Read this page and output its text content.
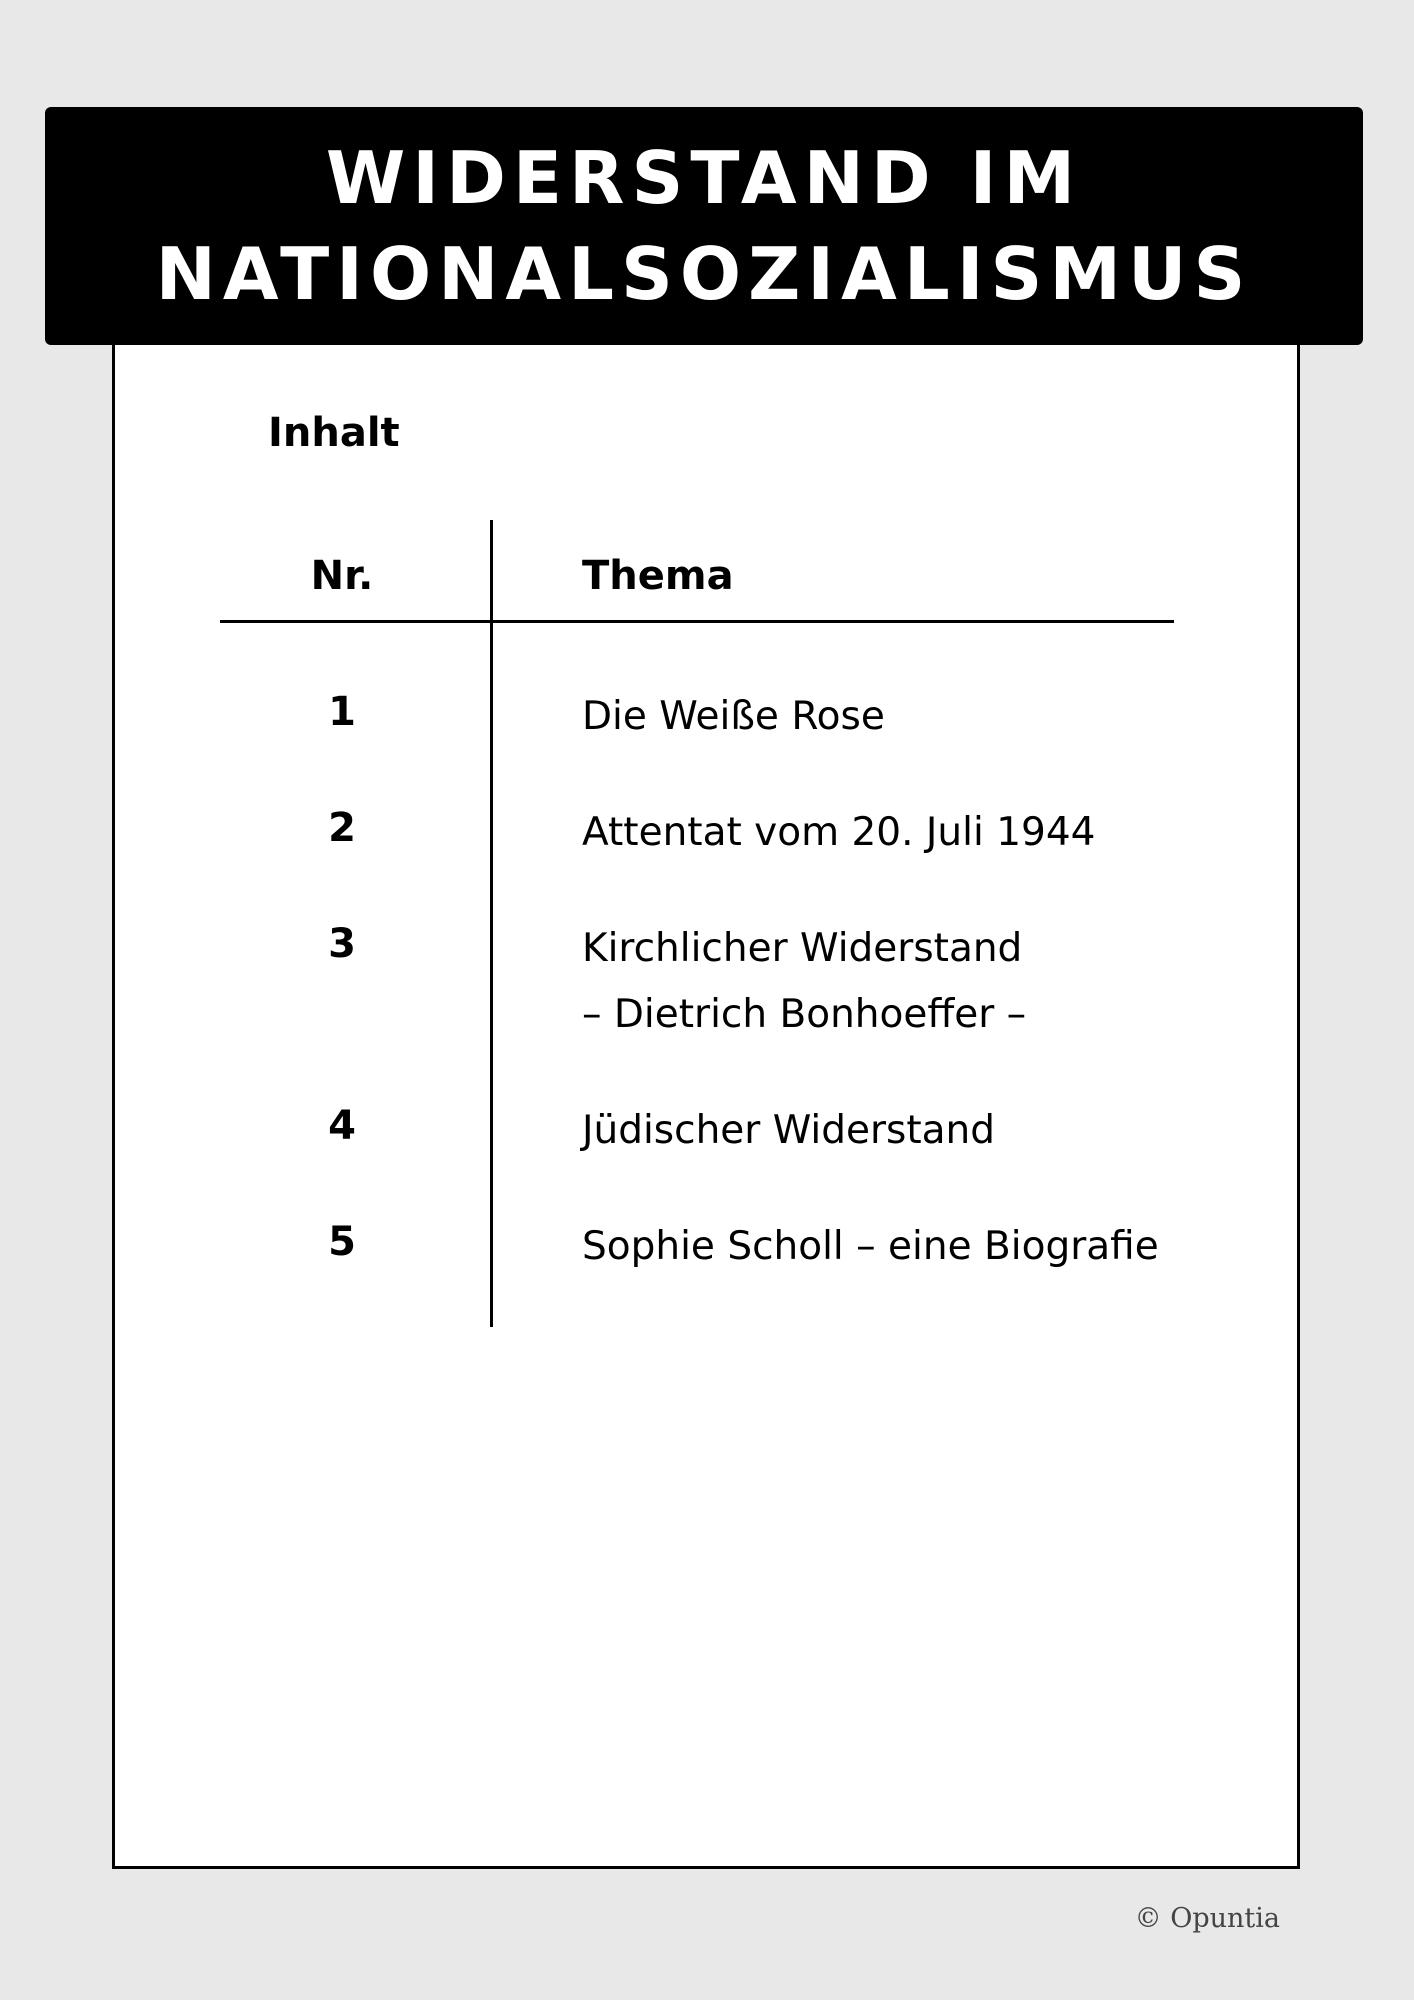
WIDERSTAND IM
NATIONALSOZIALISMUS
Inhalt
Nr.	Thema
1	Die Weiße Rose
2	Attentat vom 20. Juli 1944
3	Kirchlicher Widerstand
– Dietrich Bonhoeffer –
4	Jüdischer Widerstand
5	Sophie Scholl – eine Biografie
© Opuntia
